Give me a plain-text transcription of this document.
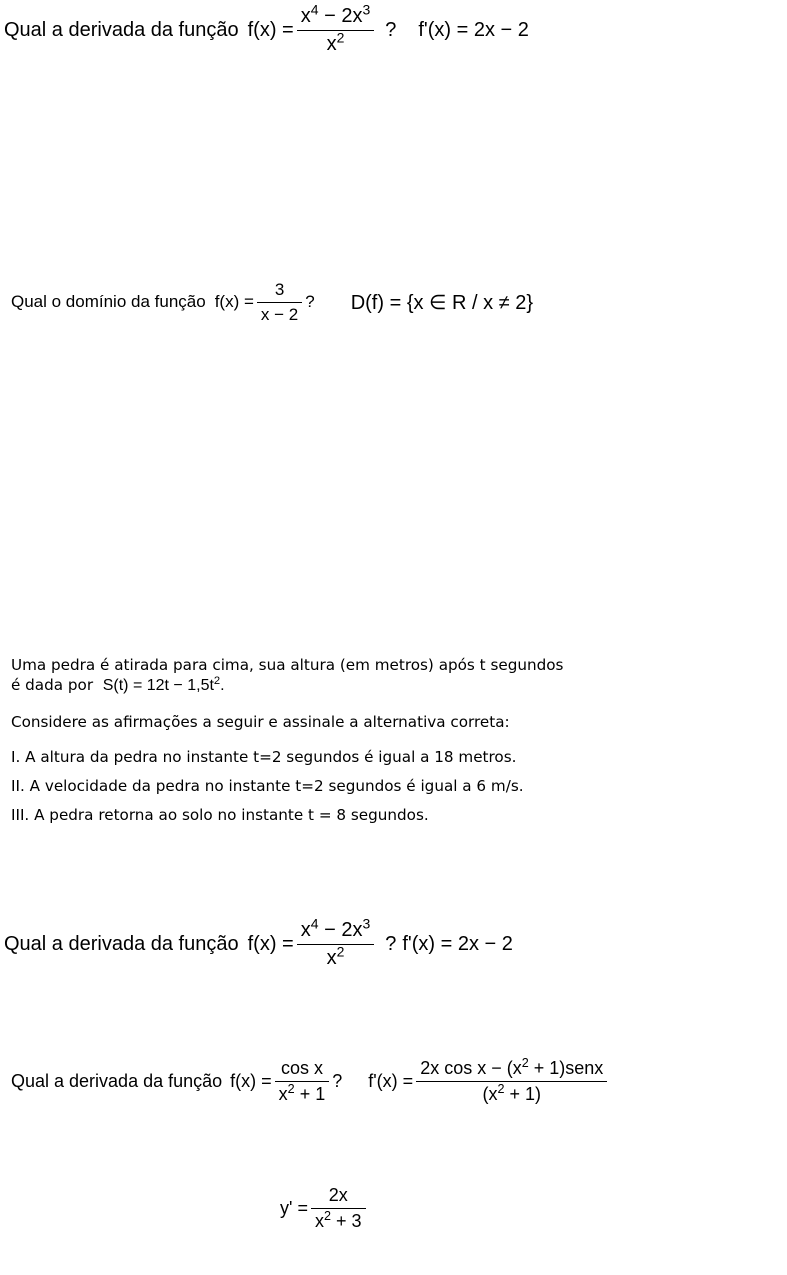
Qual a derivada da função $f(x) = \frac{x^4 - 2x^3}{x^2}$ ? f'(x) = 2x − 2
Qual o domínio da função $f(x) = \frac{3}{x - 2}$ ? D(f) = {x ∈ R / x ≠ 2}
Uma pedra é atirada para cima, sua altura (em metros) após t segundos
é dada por $S(t) = 12t - 1,5t^2$.
Considere as afirmações a seguir e assinale a alternativa correta:
I. A altura da pedra no instante t=2 segundos é igual a 18 metros.
II. A velocidade da pedra no instante t=2 segundos é igual a 6 m/s.
III. A pedra retorna ao solo no instante t = 8 segundos.
Qual a derivada da função $f(x) = \frac{x^4 - 2x^3}{x^2}$ ? f'(x) = 2x − 2
Qual a derivada da função $f(x) = \frac{\text{cos x}}{x^2 + 1}$ ? $f'(x) = \frac{2x \cos x - (x^2 + 1)senx}{(x^2 + 1)}$
$y' = \frac{2x}{x^2 + 3}$
